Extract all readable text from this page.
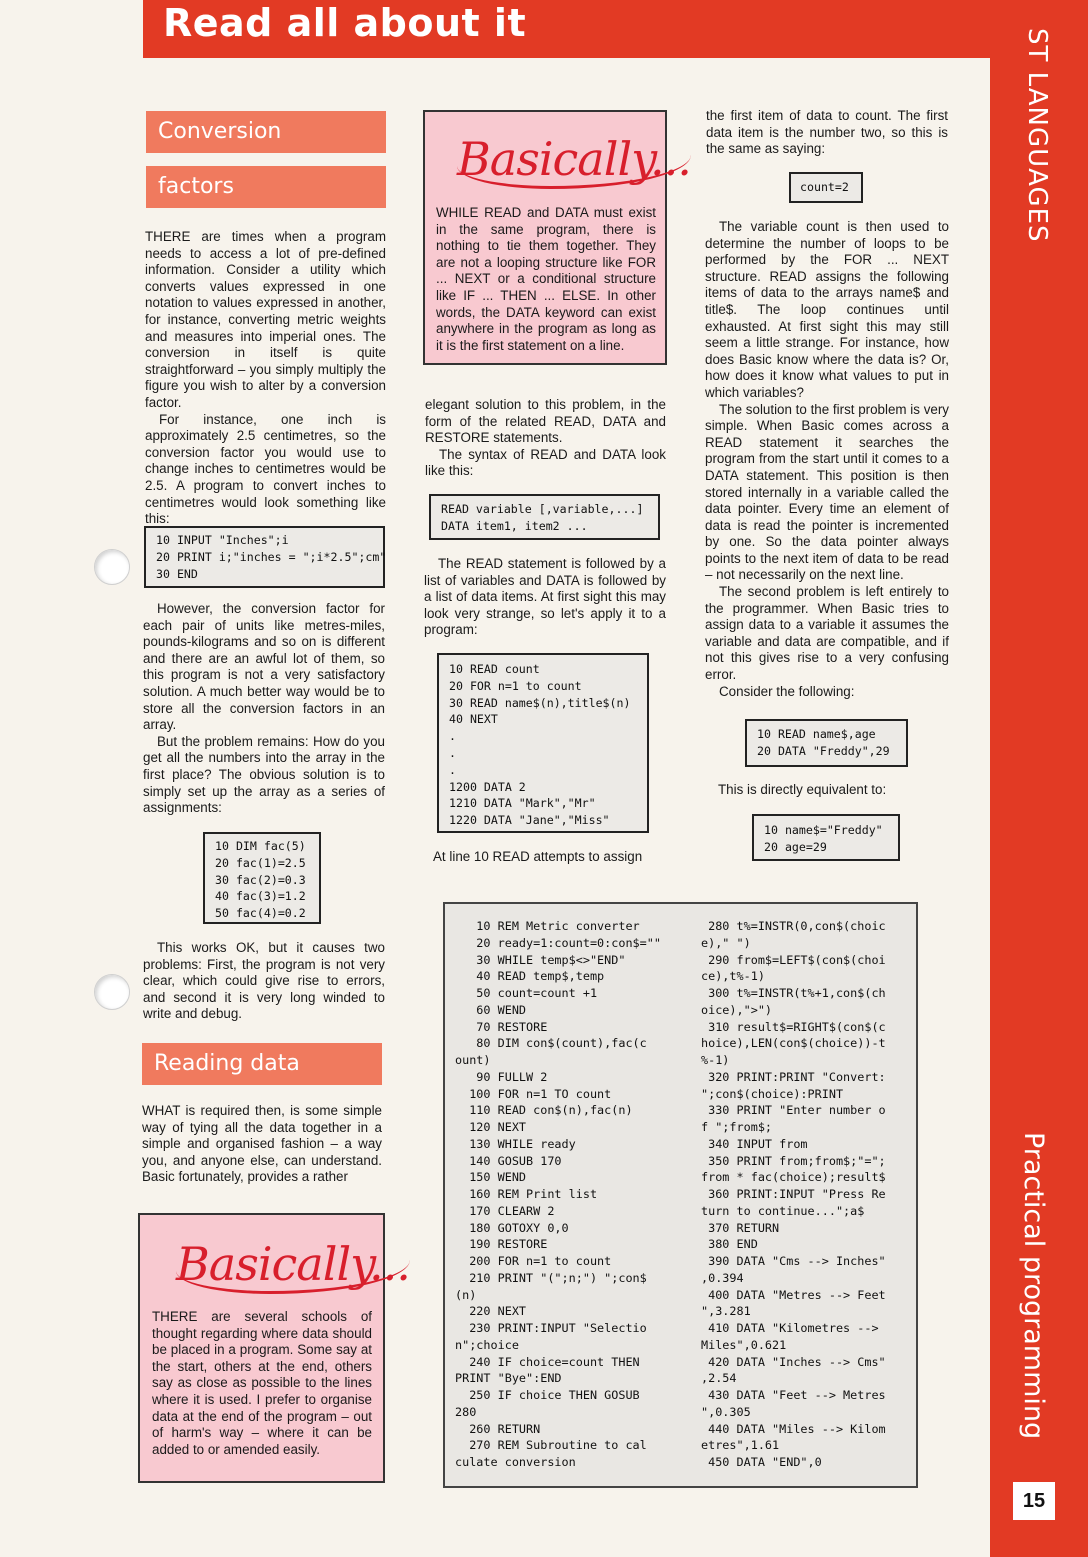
Read all about it
ST LANGUAGES
Practical programming
15
Conversion
factors

THERE are times when a program needs to access a lot of pre-defined information. Consider a utility which converts values expressed in one notation to values expressed in another, for instance, converting metric weights and measures into imperial ones. The conversion in itself is quite straightforward – you simply multiply the figure you wish to alter by a conversion factor.

For instance, one inch is approximately 2.5 centimetres, so the conversion factor you would use to change inches to centimetres would be 2.5. A program to convert inches to centimetres would look something like this:

10 INPUT "Inches";i
20 PRINT i;"inches = ";i*2.5";cm"
30 END

However, the conversion factor for each pair of units like metres-miles, pounds-kilograms and so on is different and there are an awful lot of them, so this program is not a very satisfactory solution. A much better way would be to store all the conversion factors in an array.

But the problem remains: How do you get all the numbers into the array in the first place? The obvious solution is to simply set up the array as a series of assignments:

10 DIM fac(5)
20 fac(1)=2.5
30 fac(2)=0.3
40 fac(3)=1.2
50 fac(4)=0.2

This works OK, but it causes two problems: First, the program is not very clear, which could give rise to errors, and second it is very long winded to write and debug.

Reading data

WHAT is required then, is some simple way of tying all the data together in a simple and organised fashion – a way you, and anyone else, can understand. Basic fortunately, provides a rather

Basically...
THERE are several schools of thought regarding where data should be placed in a program. Some say at the start, others at the end, others say as close as possible to the lines where it is used. I prefer to organise data at the end of the program – out of harm's way – where it can be added to or amended easily.
Basically...
WHILE READ and DATA must exist in the same program, there is nothing to tie them together. They are not a looping structure like FOR ... NEXT or a conditional structure like IF ... THEN ... ELSE. In other words, the DATA keyword can exist anywhere in the program as long as it is the first statement on a line.

elegant solution to this problem, in the form of the related READ, DATA and RESTORE statements.

The syntax of READ and DATA look like this:

READ variable [,variable,...]
DATA item1, item2 ...

The READ statement is followed by a list of variables and DATA is followed by a list of data items. At first sight this may look very strange, so let's apply it to a program:

10 READ count
20 FOR n=1 to count
30 READ name$(n),title$(n)
40 NEXT
.
.
.
1200 DATA 2
1210 DATA "Mark","Mr"
1220 DATA "Jane","Miss"

At line 10 READ attempts to assign

the first item of data to count. The first data item is the number two, so this is the same as saying:

count=2

The variable count is then used to determine the number of loops to be performed by the FOR ... NEXT structure. READ assigns the following items of data to the arrays name$ and title$. The loop continues until exhausted. At first sight this may still seem a little strange. For instance, how does Basic know where the data is? Or, how does it know what values to put in which variables?

The solution to the first problem is very simple. When Basic comes across a READ statement it searches the program from the start until it comes to a DATA statement. This position is then stored internally in a variable called the data pointer. Every time an element of data is read the pointer is incremented by one. So the data pointer always points to the next item of data to be read – not necessarily on the next line.

The second problem is left entirely to the programmer. When Basic tries to assign data to a variable it assumes the variable and data are compatible, and if not this gives rise to a very confusing error.

Consider the following:

10 READ name$,age
20 DATA "Freddy",29

This is directly equivalent to:

10 name$="Freddy"
20 age=29
10 REM Metric converter
20 ready=1:count=0:con$=""
30 WHILE temp$<>"END"
40 READ temp$,temp
50 count=count +1
60 WEND
70 RESTORE
80 DIM con$(count),fac(c
ount)
90 FULLW 2
100 FOR n=1 TO count
110 READ con$(n),fac(n)
120 NEXT
130 WHILE ready
140 GOSUB 170
150 WEND
160 REM Print list
170 CLEARW 2
180 GOTOXY 0,0
190 RESTORE
200 FOR n=1 to count
210 PRINT "(";n;") ";con$
(n)
220 NEXT
230 PRINT:INPUT "Selectio
n";choice
240 IF choice=count THEN
PRINT "Bye":END
250 IF choice THEN GOSUB
280
260 RETURN
270 REM Subroutine to cal
culate conversion
280 t%=INSTR(0,con$(choic
e)," ")
290 from$=LEFT$(con$(choi
ce),t%-1)
300 t%=INSTR(t%+1,con$(ch
oice),">")
310 result$=RIGHT$(con$(c
hoice),LEN(con$(choice))-t
%-1)
320 PRINT:PRINT "Convert:
";con$(choice):PRINT
330 PRINT "Enter number o
f ";from$;
340 INPUT from
350 PRINT from;from$;"=";
from * fac(choice);result$
360 PRINT:INPUT "Press Re
turn to continue...";a$
370 RETURN
380 END
390 DATA "Cms --> Inches"
,0.394
400 DATA "Metres --> Feet
",3.281
410 DATA "Kilometres -->
Miles",0.621
420 DATA "Inches --> Cms"
,2.54
430 DATA "Feet --> Metres
",0.305
440 DATA "Miles --> Kilom
etres",1.61
450 DATA "END",0
